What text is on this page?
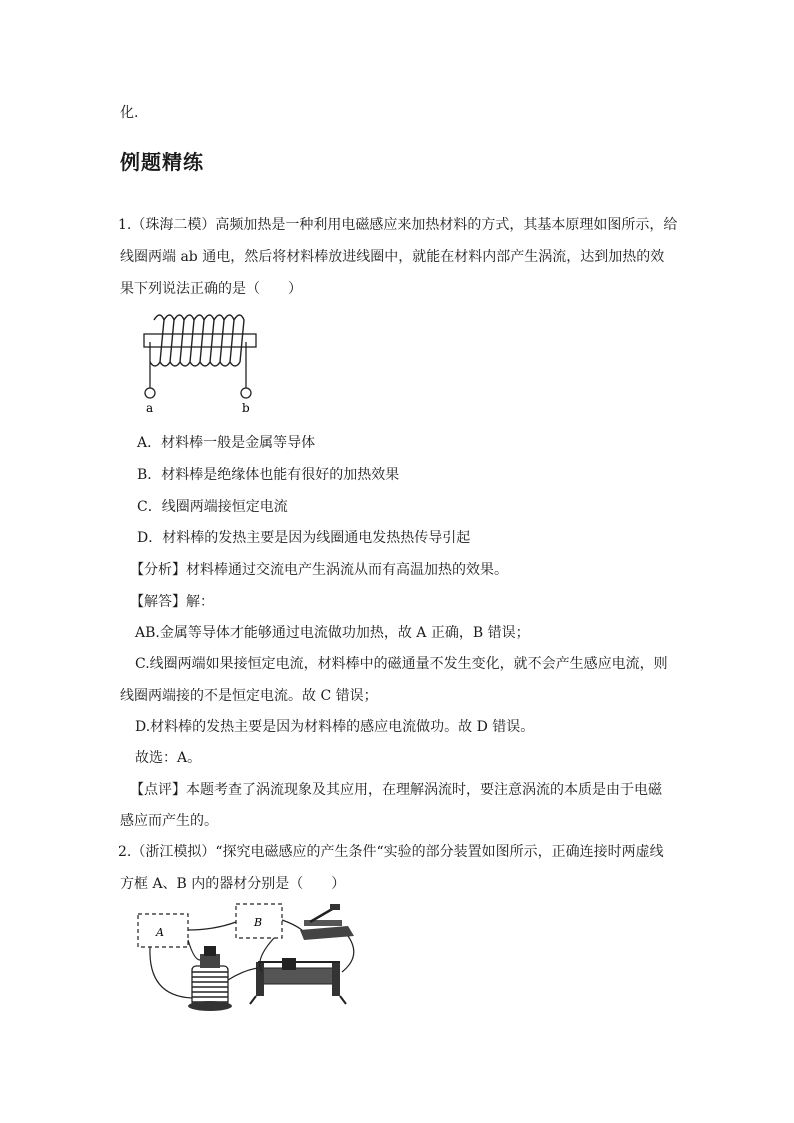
化.
例题精练
1.（珠海二模）高频加热是一种利用电磁感应来加热材料的方式，其基本原理如图所示，给
线圈两端 ab 通电，然后将材料棒放进线圈中，就能在材料内部产生涡流，达到加热的效
果下列说法正确的是（　　）
a	b
A．材料棒一般是金属等导体
B．材料棒是绝缘体也能有很好的加热效果
C．线圈两端接恒定电流
D．材料棒的发热主要是因为线圈通电发热热传导引起
【分析】材料棒通过交流电产生涡流从而有高温加热的效果。
【解答】解：
AB.金属等导体才能够通过电流做功加热，故 A 正确，B 错误；
C.线圈两端如果接恒定电流，材料棒中的磁通量不发生变化，就不会产生感应电流，则
线圈两端接的不是恒定电流。故 C 错误；
D.材料棒的发热主要是因为材料棒的感应电流做功。故 D 错误。
故选：A。
【点评】本题考查了涡流现象及其应用，在理解涡流时，要注意涡流的本质是由于电磁
感应而产生的。
2.（浙江模拟）“探究电磁感应的产生条件“实验的部分装置如图所示，正确连接时两虚线
方框 A、B 内的器材分别是（　　）
A
B
